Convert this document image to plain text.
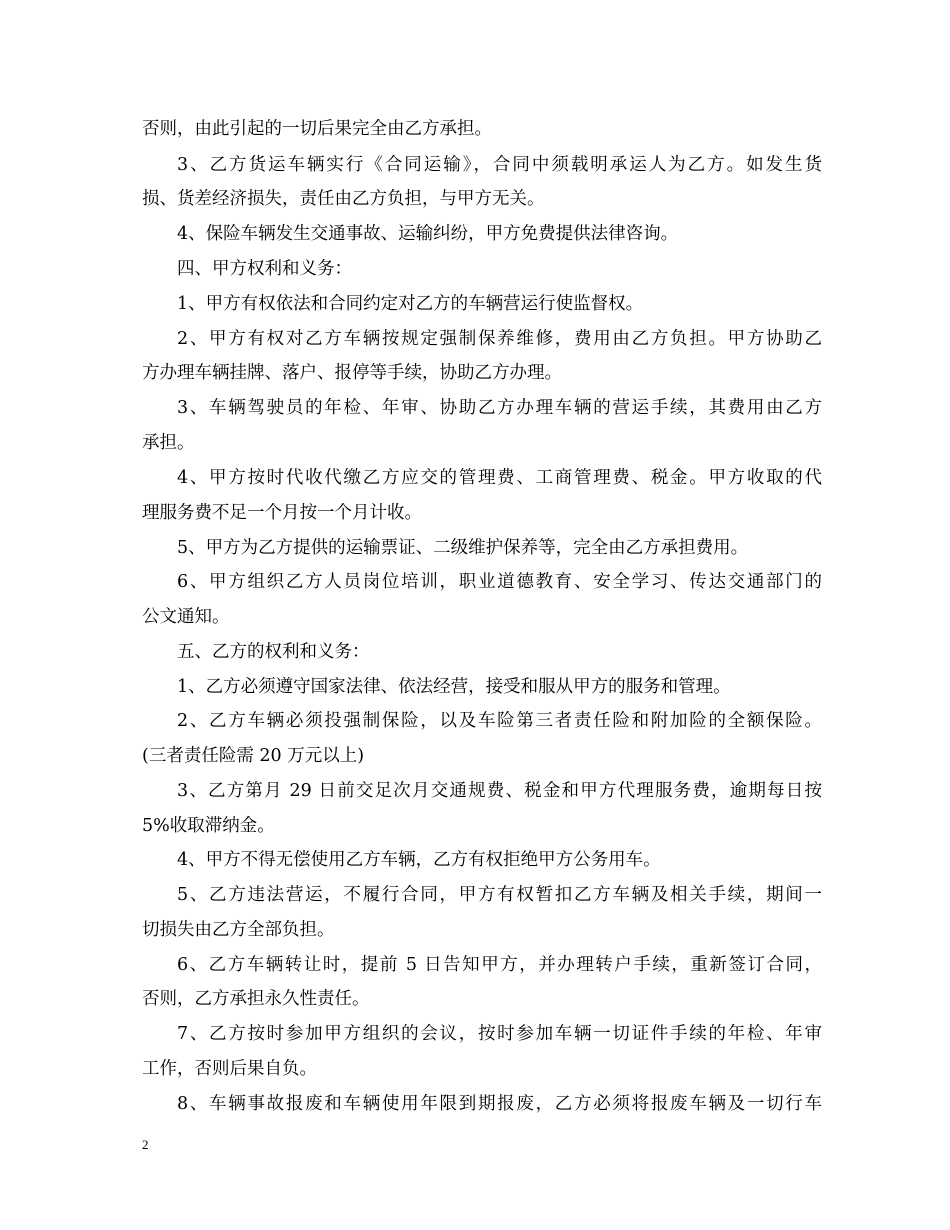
否则，由此引起的一切后果完全由乙方承担。
3、乙方货运车辆实行《合同运输》，合同中须载明承运人为乙方。如发生货
损、货差经济损失，责任由乙方负担，与甲方无关。
4、保险车辆发生交通事故、运输纠纷，甲方免费提供法律咨询。
四、甲方权利和义务：
1、甲方有权依法和合同约定对乙方的车辆营运行使监督权。
2、甲方有权对乙方车辆按规定强制保养维修，费用由乙方负担。甲方协助乙
方办理车辆挂牌、落户、报停等手续，协助乙方办理。
3、车辆驾驶员的年检、年审、协助乙方办理车辆的营运手续，其费用由乙方
承担。
4、甲方按时代收代缴乙方应交的管理费、工商管理费、税金。甲方收取的代
理服务费不足一个月按一个月计收。
5、甲方为乙方提供的运输票证、二级维护保养等，完全由乙方承担费用。
6、甲方组织乙方人员岗位培训，职业道德教育、安全学习、传达交通部门的
公文通知。
五、乙方的权利和义务：
1、乙方必须遵守国家法律、依法经营，接受和服从甲方的服务和管理。
2、乙方车辆必须投强制保险，以及车险第三者责任险和附加险的全额保险。
(三者责任险需 20 万元以上)
3、乙方第月 29 日前交足次月交通规费、税金和甲方代理服务费，逾期每日按
5%收取滞纳金。
4、甲方不得无偿使用乙方车辆，乙方有权拒绝甲方公务用车。
5、乙方违法营运，不履行合同，甲方有权暂扣乙方车辆及相关手续，期间一
切损失由乙方全部负担。
6、乙方车辆转让时，提前 5 日告知甲方，并办理转户手续，重新签订合同，
否则，乙方承担永久性责任。
7、乙方按时参加甲方组织的会议，按时参加车辆一切证件手续的年检、年审
工作，否则后果自负。
8、车辆事故报废和车辆使用年限到期报废，乙方必须将报废车辆及一切行车
2
